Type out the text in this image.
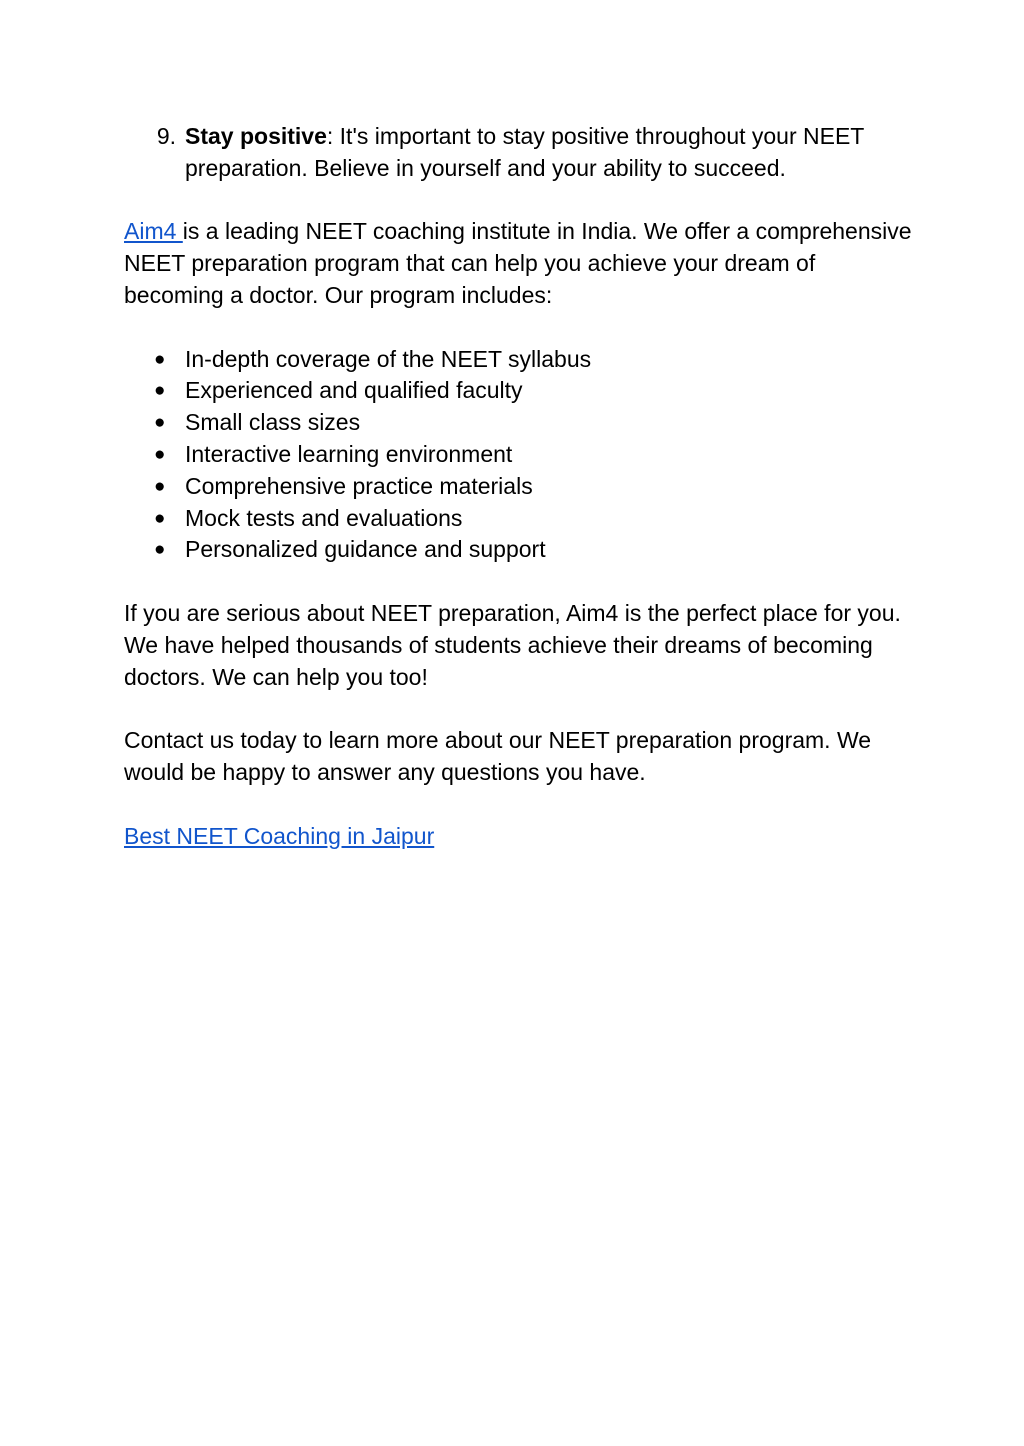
9. Stay positive: It's important to stay positive throughout your NEET preparation. Believe in yourself and your ability to succeed.

Aim4 is a leading NEET coaching institute in India. We offer a comprehensive NEET preparation program that can help you achieve your dream of becoming a doctor. Our program includes:

● In-depth coverage of the NEET syllabus
● Experienced and qualified faculty
● Small class sizes
● Interactive learning environment
● Comprehensive practice materials
● Mock tests and evaluations
● Personalized guidance and support

If you are serious about NEET preparation, Aim4 is the perfect place for you. We have helped thousands of students achieve their dreams of becoming doctors. We can help you too!

Contact us today to learn more about our NEET preparation program. We would be happy to answer any questions you have.

Best NEET Coaching in Jaipur
